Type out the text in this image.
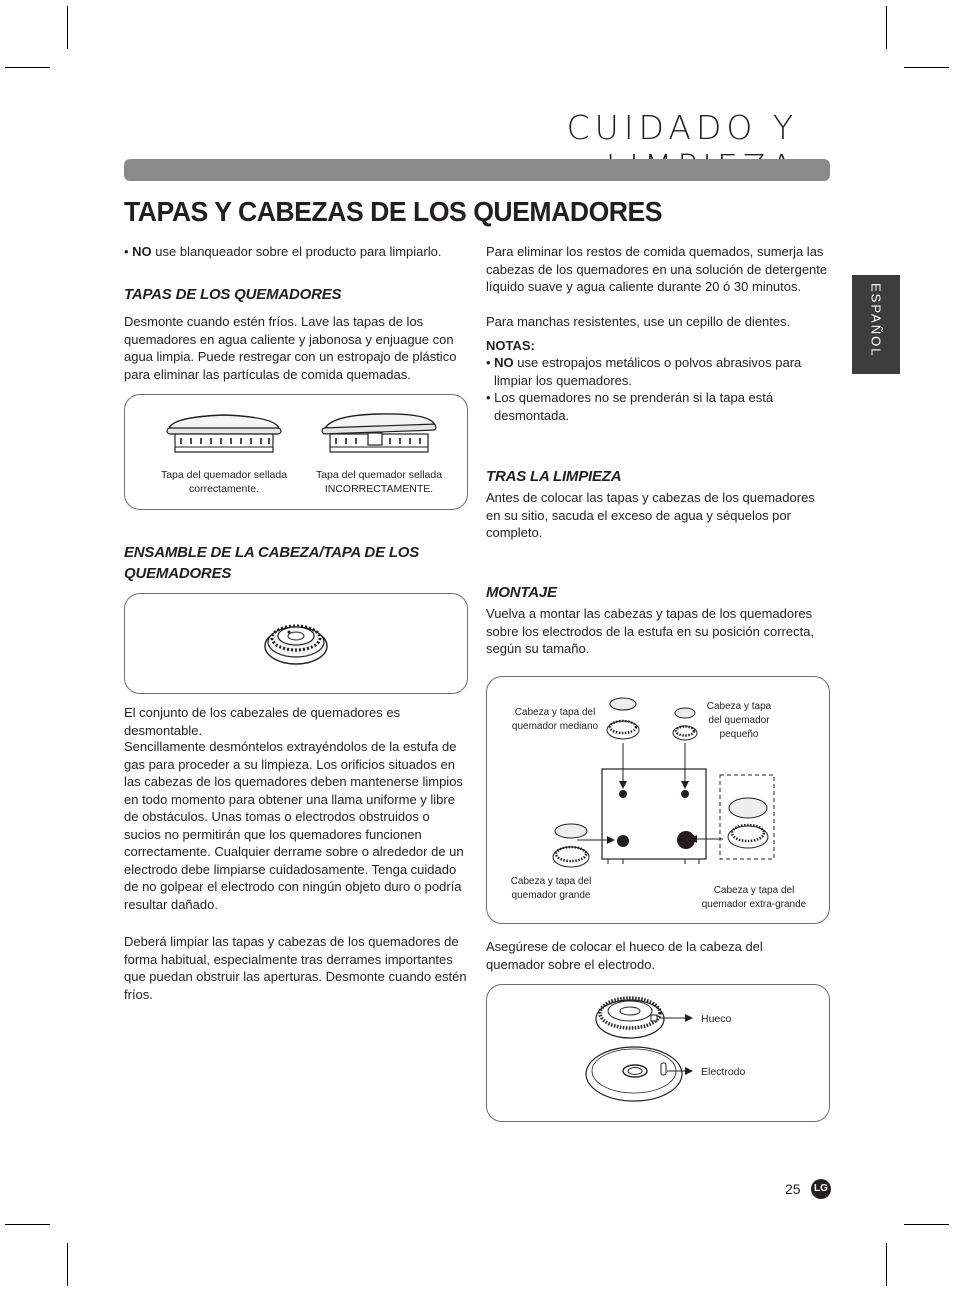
CUIDADO Y
ESPAÑOL
TAPAS Y CABEZAS DE LOS QUEMADORES
• NO use blanqueador sobre el producto para limpiarlo.
TAPAS DE LOS QUEMADORES
Desmonte cuando estén fríos. Lave las tapas de los quemadores en agua caliente y jabonosa y enjuague con agua limpia. Puede restregar con un estropajo de plástico para eliminar las partículas de comida quemadas.
Tapa del quemador sellada
correctamente.
Tapa del quemador sellada
INCORRECTAMENTE.
ENSAMBLE DE LA CABEZA/TAPA DE LOS
QUEMADORES
El conjunto de los cabezales de quemadores es desmontable.
Sencillamente desmóntelos extrayéndolos de la estufa de gas para proceder a su limpieza. Los orificios situados en las cabezas de los quemadores deben mantenerse limpios en todo momento para obtener una llama uniforme y libre de obstáculos. Unas tomas o electrodos obstruidos o sucios no permitirán que los quemadores funcionen correctamente. Cualquier derrame sobre o alrededor de un electrodo debe limpiarse cuidadosamente. Tenga cuidado de no golpear el electrodo con ningún objeto duro o podría resultar dañado.
Deberá limpiar las tapas y cabezas de los quemadores de forma habitual, especialmente tras derrames importantes que puedan obstruir las aperturas. Desmonte cuando estén fríos.
Para eliminar los restos de comida quemados, sumerja las cabezas de los quemadores en una solución de detergente líquido suave y agua caliente durante 20 ó 30 minutos.
Para manchas resistentes, use un cepillo de dientes.
NOTAS:
• NO use estropajos metálicos o polvos abrasivos para limpiar los quemadores.
• Los quemadores no se prenderán si la tapa está desmontada.
TRAS LA LIMPIEZA
Antes de colocar las tapas y cabezas de los quemadores en su sitio, sacuda el exceso de agua y séquelos por completo.
MONTAJE
Vuelva a montar las cabezas y tapas de los quemadores sobre los electrodos de la estufa en su posición correcta, según su tamaño.
Cabeza y tapa del
quemador mediano
Cabeza y tapa
del quemador
pequeño
Cabeza y tapa del
quemador grande	Cabeza y tapa del
quemador extra-grande
Asegúrese de colocar el hueco de la cabeza del quemador sobre el electrodo.
Hueco
Electrodo
25	LG
